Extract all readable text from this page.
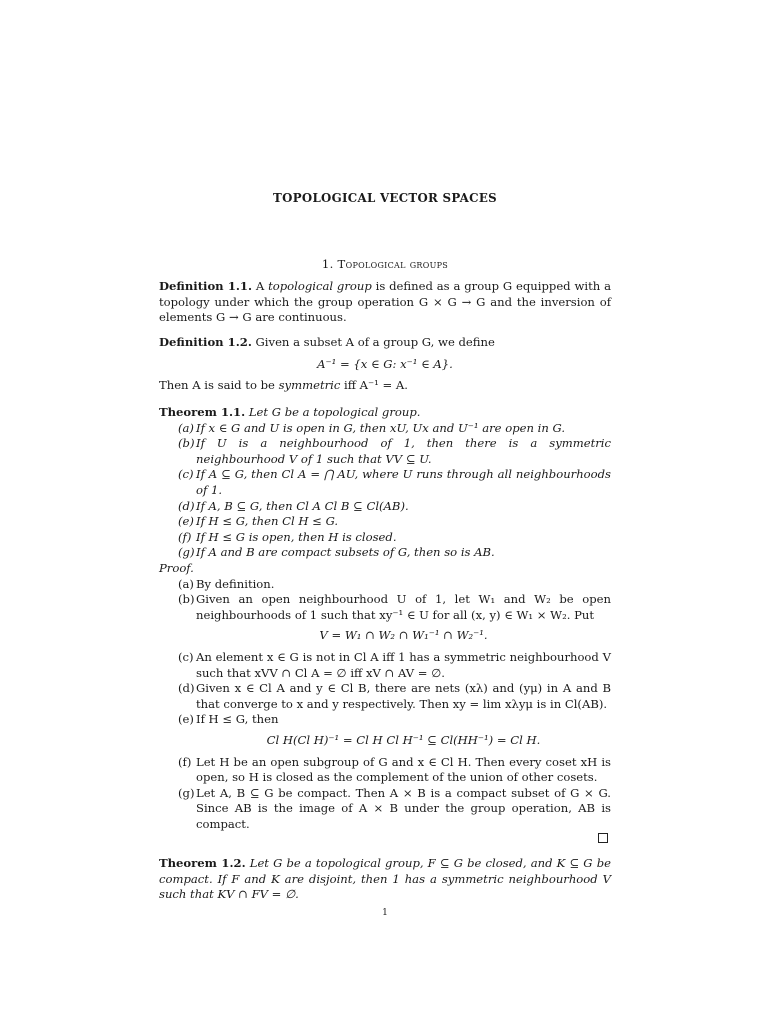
TOPOLOGICAL VECTOR SPACES
1. Topological groups

Definition 1.1. A topological group is defined as a group G equipped with a topology under which the group operation G × G → G and the inversion of elements G → G are continuous.

Definition 1.2. Given a subset A of a group G, we define

A⁻¹ = {x ∈ G: x⁻¹ ∈ A}.

Then A is said to be symmetric iff A⁻¹ = A.

Theorem 1.1. Let G be a topological group.

(a) If x ∈ G and U is open in G, then xU, Ux and U⁻¹ are open in G.
(b) If U is a neighbourhood of 1, then there is a symmetric neighbourhood V of 1 such that VV ⊆ U.
(c) If A ⊆ G, then Cl A = ⋂ AU, where U runs through all neighbourhoods of 1.
(d) If A, B ⊆ G, then Cl A Cl B ⊆ Cl(AB).
(e) If H ≤ G, then Cl H ≤ G.
(f) If H ≤ G is open, then H is closed.
(g) If A and B are compact subsets of G, then so is AB.

Proof.

(a) By definition.
(b) Given an open neighbourhood U of 1, let W₁ and W₂ be open neighbourhoods of 1 such that xy⁻¹ ∈ U for all (x, y) ∈ W₁ × W₂. Put
V = W₁ ∩ W₂ ∩ W₁⁻¹ ∩ W₂⁻¹.
(c) An element x ∈ G is not in Cl A iff 1 has a symmetric neighbourhood V such that xVV ∩ Cl A = ∅ iff xV ∩ AV = ∅.
(d) Given x ∈ Cl A and y ∈ Cl B, there are nets (xλ) and (yμ) in A and B that converge to x and y respectively. Then xy = lim xλyμ is in Cl(AB).
(e) If H ≤ G, then
Cl H(Cl H)⁻¹ = Cl H Cl H⁻¹ ⊆ Cl(HH⁻¹) = Cl H.
(f) Let H be an open subgroup of G and x ∈ Cl H. Then every coset xH is open, so H is closed as the complement of the union of other cosets.
(g) Let A, B ⊆ G be compact. Then A × B is a compact subset of G × G. Since AB is the image of A × B under the group operation, AB is compact.

Theorem 1.2. Let G be a topological group, F ⊆ G be closed, and K ⊆ G be compact. If F and K are disjoint, then 1 has a symmetric neighbourhood V such that KV ∩ FV = ∅.

1
